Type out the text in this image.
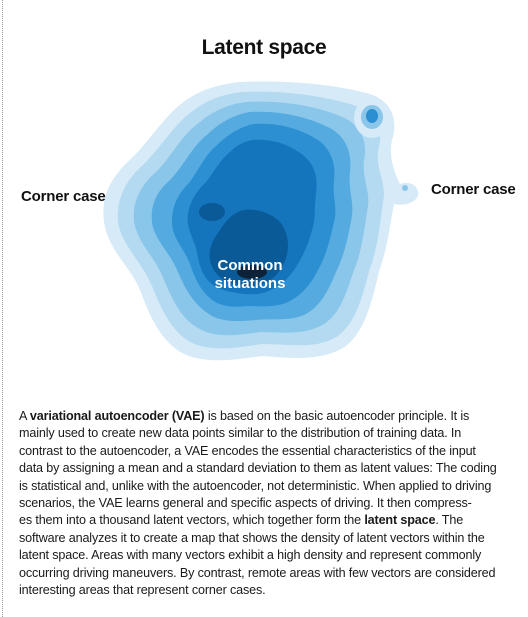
Latent space
Corner case	Corner case
Common
situations
A variational autoencoder (VAE) is based on the basic autoencoder principle. It is
mainly used to create new data points similar to the distribution of training data. In
contrast to the autoencoder, a VAE encodes the essential characteristics of the input
data by assigning a mean and a standard deviation to them as latent values: The coding
is statistical and, unlike with the autoencoder, not deterministic. When applied to driving
scenarios, the VAE learns general and specific aspects of driving. It then compress-
es them into a thousand latent vectors, which together form the latent space. The
software analyzes it to create a map that shows the density of latent vectors within the
latent space. Areas with many vectors exhibit a high density and represent commonly
occurring driving maneuvers. By contrast, remote areas with few vectors are considered
interesting areas that represent corner cases.
